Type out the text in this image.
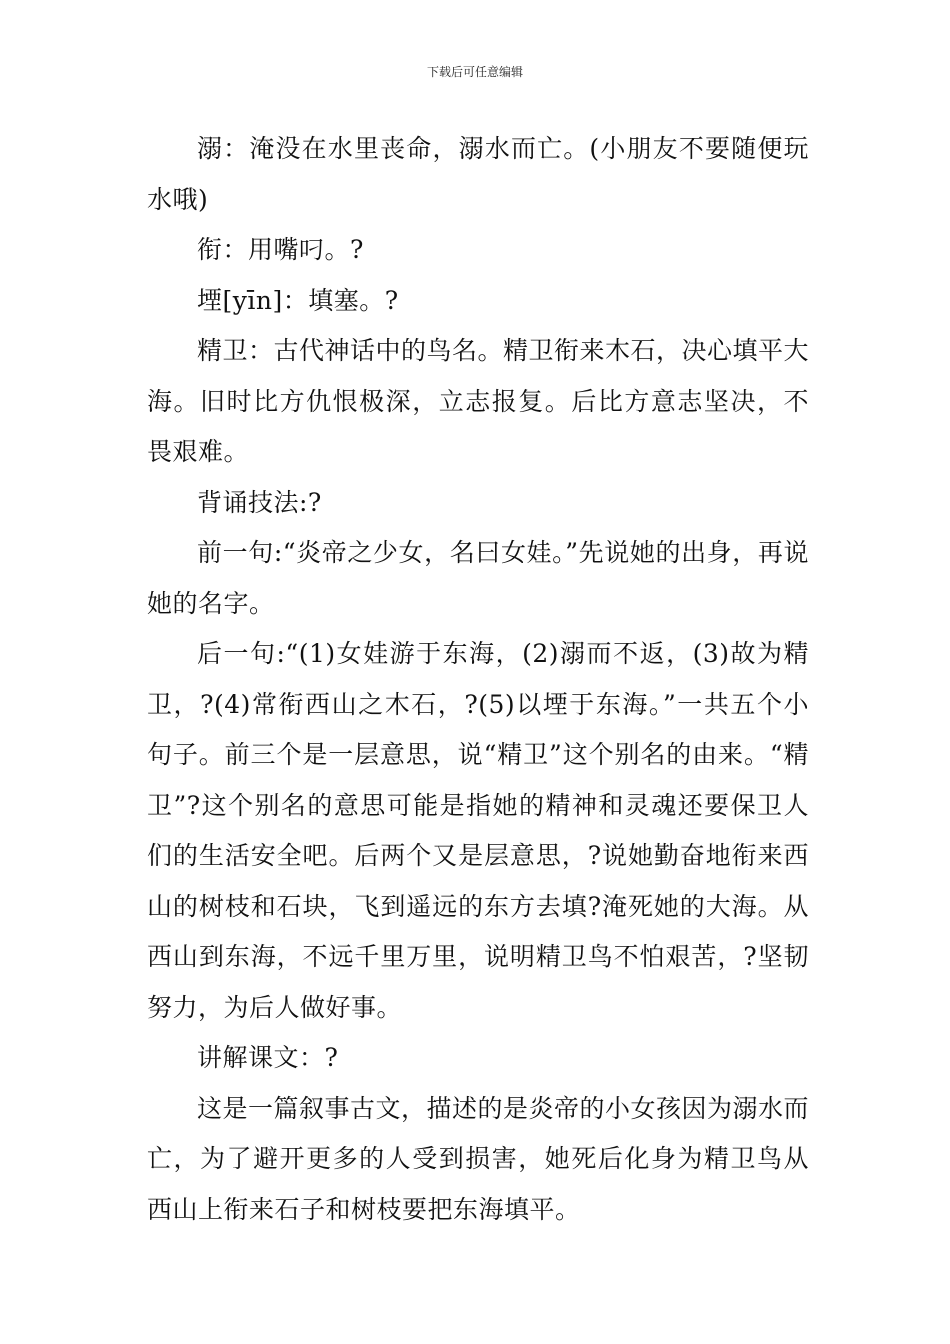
下载后可任意编辑

溺：淹没在水里丧命，溺水而亡。(小朋友不要随便玩水哦)

衔：用嘴叼。?

堙[yīn]：填塞。?

精卫：古代神话中的鸟名。精卫衔来木石，决心填平大海。旧时比方仇恨极深，立志报复。后比方意志坚决，不畏艰难。

背诵技法:?

前一句:“炎帝之少女，名曰女娃。”先说她的出身，再说她的名字。

后一句:“(1)女娃游于东海，(2)溺而不返，(3)故为精卫，?(4)常衔西山之木石，?(5)以堙于东海。”一共五个小句子。前三个是一层意思，说“精卫”这个别名的由来。“精卫”?这个别名的意思可能是指她的精神和灵魂还要保卫人们的生活安全吧。后两个又是层意思，?说她勤奋地衔来西山的树枝和石块，飞到遥远的东方去填?淹死她的大海。从西山到东海，不远千里万里，说明精卫鸟不怕艰苦，?坚韧努力，为后人做好事。

讲解课文：?

这是一篇叙事古文，描述的是炎帝的小女孩因为溺水而亡，为了避开更多的人受到损害，她死后化身为精卫鸟从西山上衔来石子和树枝要把东海填平。
